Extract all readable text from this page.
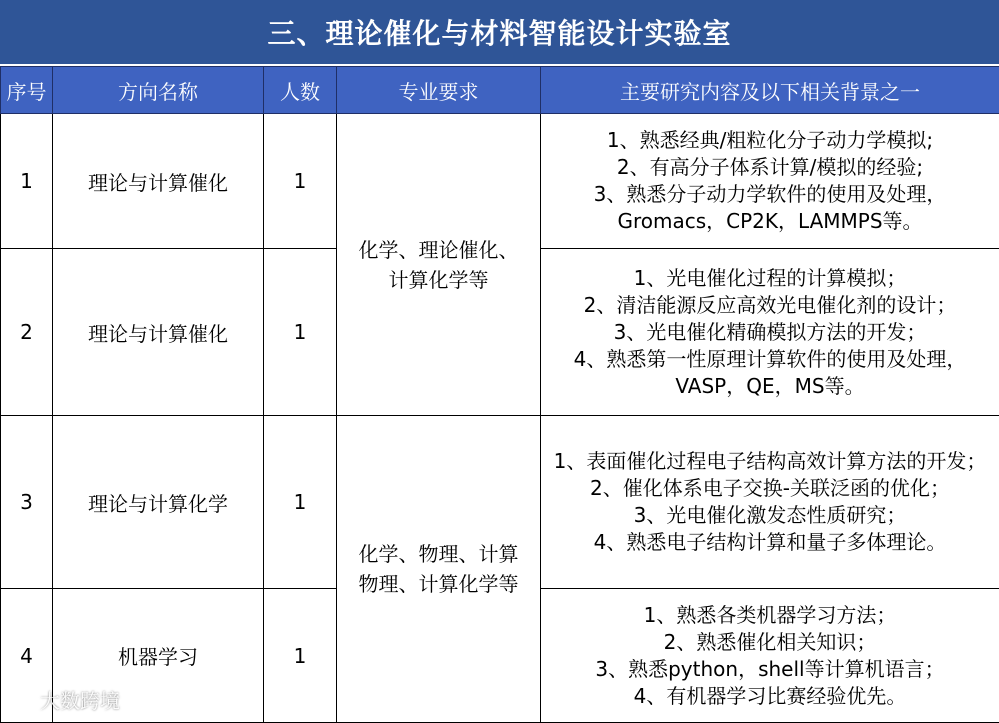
三、理论催化与材料智能设计实验室
序号	方向名称	人数	专业要求	主要研究内容及以下相关背景之一
1	理论与计算催化	1	化学、理论催化、
计算化学等	1、熟悉经典/粗粒化分子动力学模拟;
2、有高分子体系计算/模拟的经验;
3、熟悉分子动力学软件的使用及处理，
Gromacs，CP2K，LAMMPS等。

2	理论与计算催化	1		1、光电催化过程的计算模拟；
2、清洁能源反应高效光电催化剂的设计；
3、光电催化精确模拟方法的开发；
4、熟悉第一性原理计算软件的使用及处理，
VASP，QE，MS等。

3	理论与计算化学	1	化学、物理、计算
物理、计算化学等	1、表面催化过程电子结构高效计算方法的开发；
2、催化体系电子交换-关联泛函的优化；
3、光电催化激发态性质研究；
4、熟悉电子结构计算和量子多体理论。

4	机器学习	1		1、熟悉各类机器学习方法；
2、熟悉催化相关知识；
3、熟悉python，shell等计算机语言；
4、有机器学习比赛经验优先。
大数跨境
